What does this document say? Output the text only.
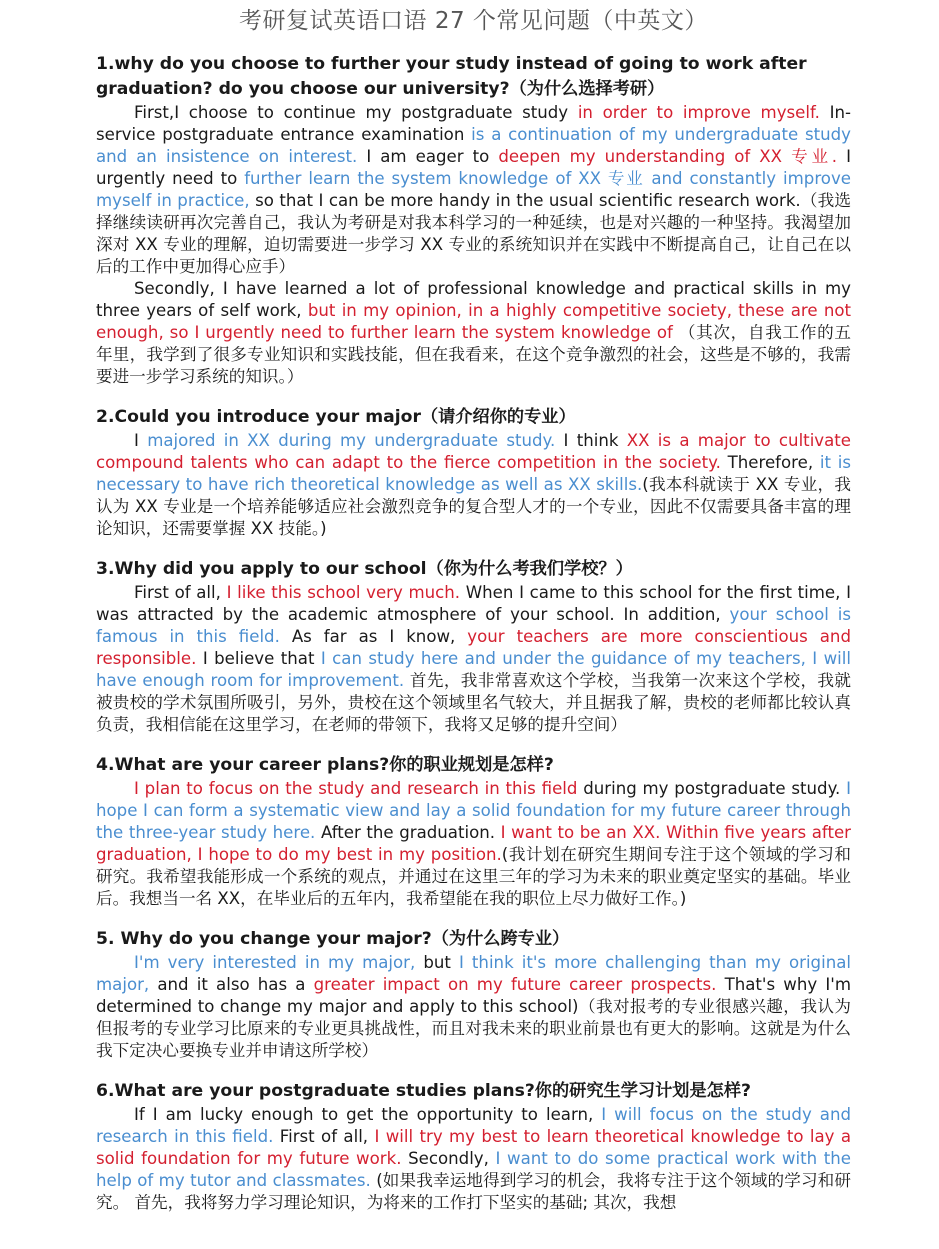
考研复试英语口语 27 个常见问题（中英文）

1.why do you choose to further your study instead of going to work after graduation? do you choose our university?（为什么选择考研）

First,I choose to continue my postgraduate study in order to improve myself. In-service postgraduate entrance examination is a continuation of my undergraduate study and an insistence on interest. I am eager to deepen my understanding of XX 专业. I urgently need to further learn the system knowledge of XX 专业 and constantly improve myself in practice, so that I can be more handy in the usual scientific research work.（我选择继续读研再次完善自己，我认为考研是对我本科学习的一种延续，也是对兴趣的一种坚持。我渴望加深对 XX 专业的理解，迫切需要进一步学习 XX 专业的系统知识并在实践中不断提高自己，让自己在以后的工作中更加得心应手）

Secondly, I have learned a lot of professional knowledge and practical skills in my three years of self work, but in my opinion, in a highly competitive society, these are not enough, so I urgently need to further learn the system knowledge of （其次，自我工作的五年里，我学到了很多专业知识和实践技能，但在我看来，在这个竞争激烈的社会，这些是不够的，我需要进一步学习系统的知识。）

2.Could you introduce your major（请介绍你的专业）

I majored in XX during my undergraduate study. I think XX is a major to cultivate compound talents who can adapt to the fierce competition in the society. Therefore, it is necessary to have rich theoretical knowledge as well as XX skills.(我本科就读于 XX 专业，我认为 XX 专业是一个培养能够适应社会激烈竞争的复合型人才的一个专业，因此不仅需要具备丰富的理论知识，还需要掌握 XX 技能。)

3.Why did you apply to our school（你为什么考我们学校？）

First of all, I like this school very much. When I came to this school for the first time, I was attracted by the academic atmosphere of your school. In addition, your school is famous in this field. As far as I know, your teachers are more conscientious and responsible. I believe that I can study here and under the guidance of my teachers, I will have enough room for improvement. 首先，我非常喜欢这个学校，当我第一次来这个学校，我就被贵校的学术氛围所吸引，另外，贵校在这个领域里名气较大，并且据我了解，贵校的老师都比较认真负责，我相信能在这里学习，在老师的带领下，我将又足够的提升空间）

4.What are your career plans?你的职业规划是怎样?

I plan to focus on the study and research in this field during my postgraduate study. I hope I can form a systematic view and lay a solid foundation for my future career through the three-year study here. After the graduation. I want to be an XX. Within five years after graduation, I hope to do my best in my position.(我计划在研究生期间专注于这个领域的学习和研究。我希望我能形成一个系统的观点，并通过在这里三年的学习为未来的职业奠定坚实的基础。毕业后。我想当一名 XX，在毕业后的五年内，我希望能在我的职位上尽力做好工作。)

5. Why do you change your major?（为什么跨专业）

I'm very interested in my major, but I think it's more challenging than my original major, and it also has a greater impact on my future career prospects. That's why I'm determined to change my major and apply to this school)（我对报考的专业很感兴趣，我认为但报考的专业学习比原来的专业更具挑战性，而且对我未来的职业前景也有更大的影响。这就是为什么我下定决心要换专业并申请这所学校）

6.What are your postgraduate studies plans?你的研究生学习计划是怎样?

If I am lucky enough to get the opportunity to learn, I will focus on the study and research in this field. First of all, I will try my best to learn theoretical knowledge to lay a solid foundation for my future work. Secondly, I want to do some practical work with the help of my tutor and classmates. (如果我幸运地得到学习的机会，我将专注于这个领域的学习和研究。 首先，我将努力学习理论知识，为将来的工作打下坚实的基础; 其次，我想
